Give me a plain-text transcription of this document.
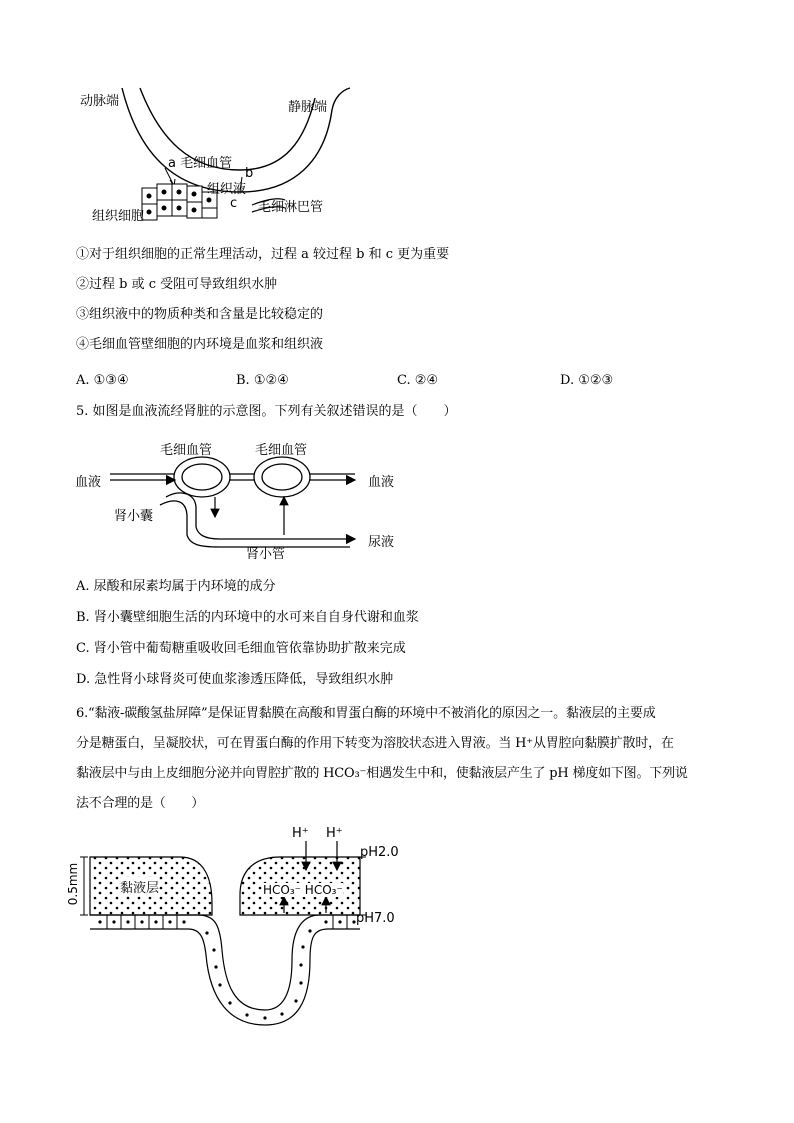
动脉端	静脉端
a 毛细血管
b
组织液
c 毛细淋巴管
组织细胞
①对于组织细胞的正常生理活动，过程 a 较过程 b 和 c 更为重要
②过程 b 或 c 受阻可导致组织水肿
③组织液中的物质种类和含量是比较稳定的
④毛细血管壁细胞的内环境是血浆和组织液
A. ①③④	B. ①②④	C. ②④	D. ①②③
5. 如图是血液流经肾脏的示意图。下列有关叙述错误的是（　　）
毛细血管	毛细血管
血液	血液
肾小囊
肾小管
尿液
A. 尿酸和尿素均属于内环境的成分
B. 肾小囊壁细胞生活的内环境中的水可来自自身代谢和血浆
C. 肾小管中葡萄糖重吸收回毛细血管依靠协助扩散来完成
D. 急性肾小球肾炎可使血浆渗透压降低，导致组织水肿
6.“黏液-碳酸氢盐屏障”是保证胃黏膜在高酸和胃蛋白酶的环境中不被消化的原因之一。黏液层的主要成
分是糖蛋白，呈凝胶状，可在胃蛋白酶的作用下转变为溶胶状态进入胃液。当 H⁺从胃腔向黏膜扩散时，在
黏液层中与由上皮细胞分泌并向胃腔扩散的 HCO₃⁻相遇发生中和，使黏液层产生了 pH 梯度如下图。下列说
法不合理的是（　　）
0.5mm	黏液层
H⁺ H⁺
pH2.0
HCO₃⁻ HCO₃⁻
pH7.0
